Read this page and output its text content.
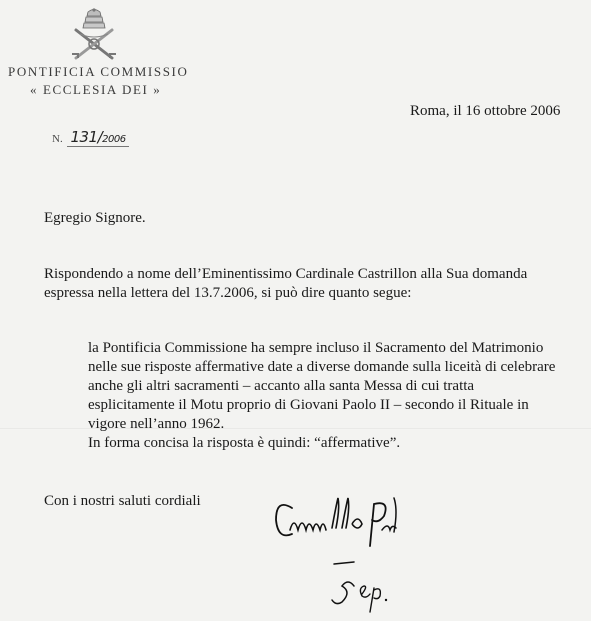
PONTIFICIA COMMISSIO
« ECCLESIA DEI »
Roma, il 16 ottobre 2006
N. 131/2006
Egregio Signore.
Rispondendo a nome dell’Eminentissimo Cardinale Castrillon alla Sua domanda
espressa nella lettera del 13.7.2006, si può dire quanto segue:
la Pontificia Commissione ha sempre incluso il Sacramento del Matrimonio
nelle sue risposte affermative date a diverse domande sulla liceità di celebrare
anche gli altri sacramenti – accanto alla santa Messa di cui tratta
esplicitamente il Motu proprio di Giovani Paolo II – secondo il Rituale in
vigore nell’anno 1962.
In forma concisa la risposta è quindi: “affermative”.
Con i nostri saluti cordiali
